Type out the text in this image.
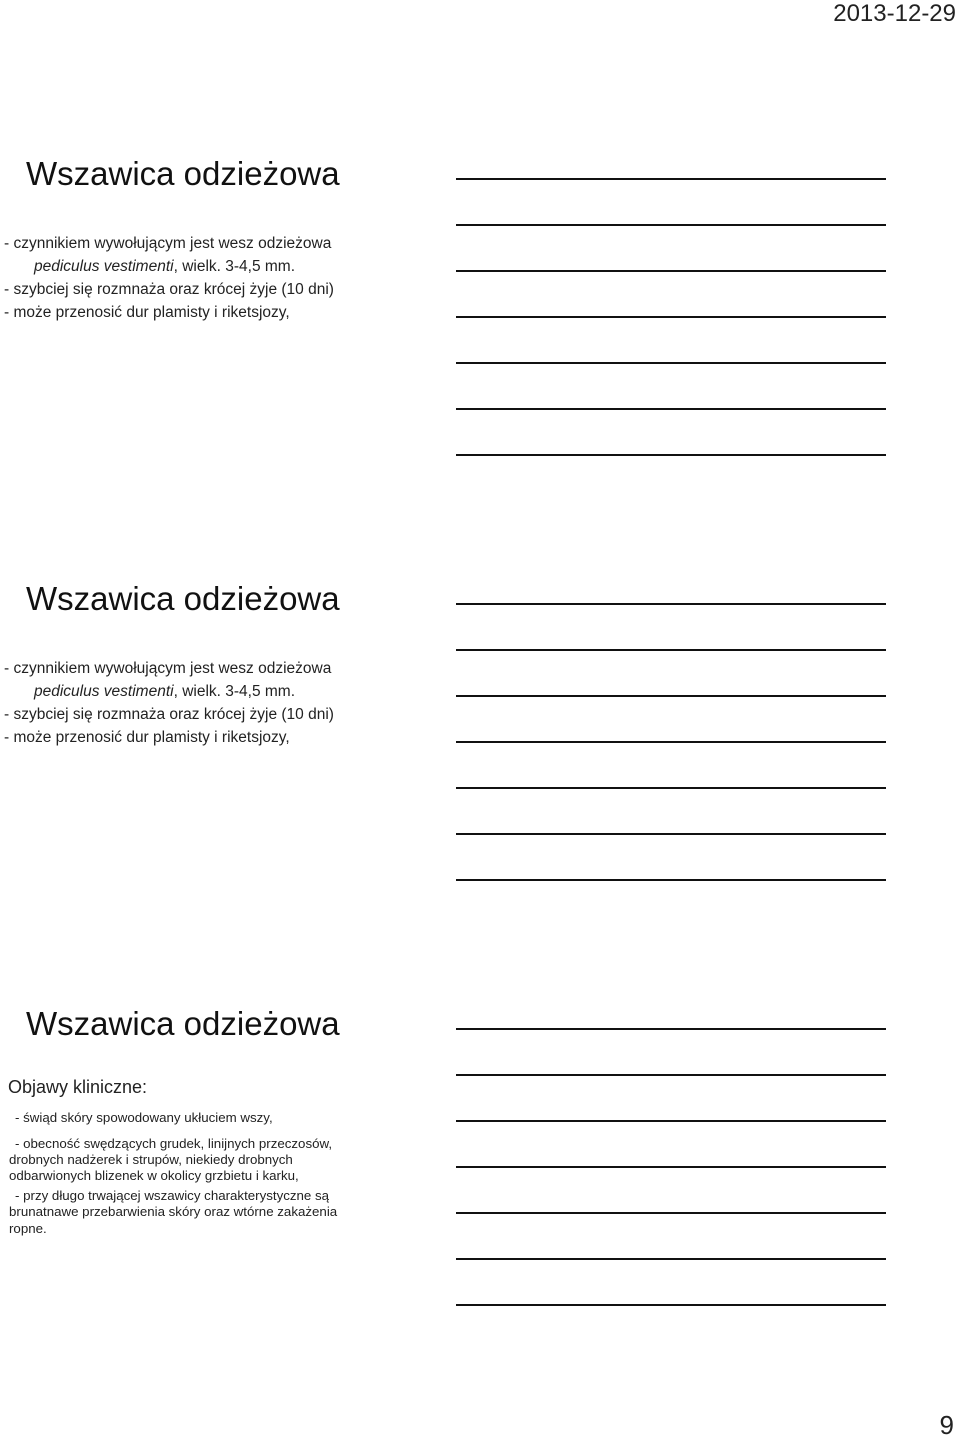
2013-12-29
Wszawica odzieżowa
- czynnikiem wywołującym jest wesz odzieżowa
pediculus vestimenti, wielk. 3-4,5 mm.
- szybciej się rozmnaża oraz krócej żyje (10 dni)
- może przenosić dur plamisty i riketsjozy,
Wszawica odzieżowa
- czynnikiem wywołującym jest wesz odzieżowa
pediculus vestimenti, wielk. 3-4,5 mm.
- szybciej się rozmnaża oraz krócej żyje (10 dni)
- może przenosić dur plamisty i riketsjozy,
Wszawica odzieżowa
Objawy kliniczne:
- świąd skóry spowodowany ukłuciem wszy,
- obecność swędzących grudek, linijnych przeczosów,
drobnych nadżerek i strupów, niekiedy drobnych
odbarwionych blizenek w okolicy grzbietu i karku,
- przy długo trwającej wszawicy charakterystyczne są
brunatnawe przebarwienia skóry oraz wtórne zakażenia
ropne.
9
